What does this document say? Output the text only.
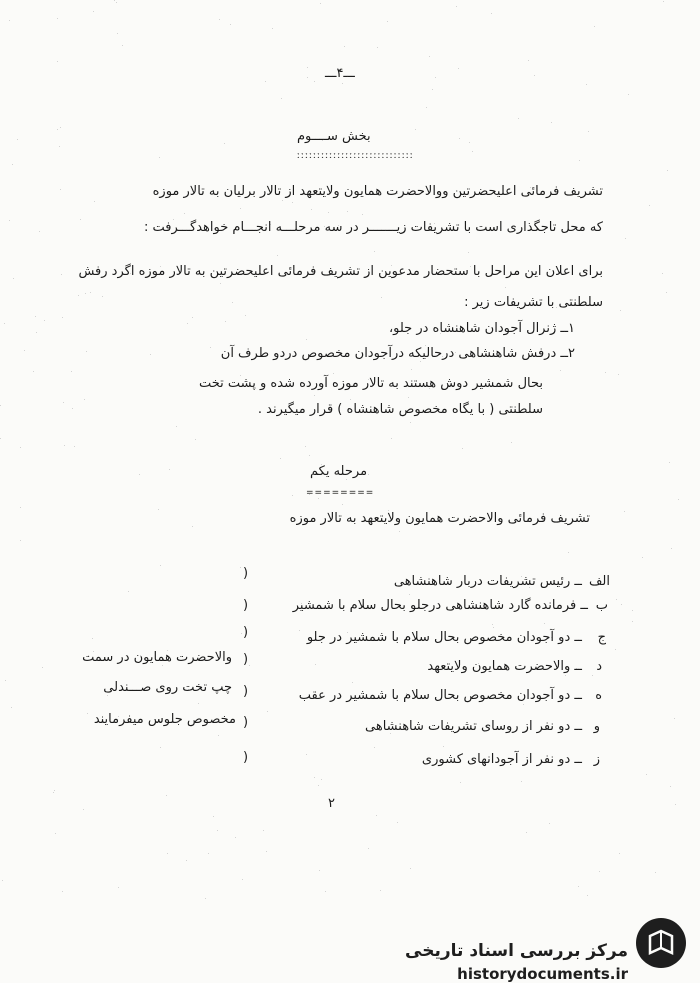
ـــ۴ـــ

بخش ســــوم

ːːːːːːːːːːːːːːːːːːːːːːːːːːːːː

تشریف فرمائی اعلیحضرتین ووالاحضرت همایون ولایتعهد از تالار برلیان به تالار موزه

که محل تاجگذاری است با تشریفات زیـــــــر در سه مرحلـــه انجـــام خواهدگـــرفت :

برای اعلان این مراحل با ستحضار مدعوین از تشریف فرمائی اعلیحضرتین به تالار موزه اگرد رفش

سلطنتی با تشریفات زیر :

۱ــ ژنرال آجودان شاهنشاه در جلو،

۲ــ درفش شاهنشاهی درحالیکه درآجودان مخصوص دردو طرف آن

بحال شمشیر دوش هستند به تالار موزه آورده شده و پشت تخت

سلطنتی ( با یگاه مخصوص شاهنشاه ) قرار میگیرند .

مرحله یکم

========

تشریف فرمائی والاحضرت همایون ولایتعهد به تالار موزه

الف

ب

ج

د

ه

و

ز

ــ رئیس تشریفات دربار شاهنشاهی

ــ فرمانده گارد شاهنشاهی درجلو بحال سلام با شمشیر

ــ دو آجودان مخصوص بحال سلام با شمشیر در جلو

ــ والاحضرت همایون ولایتعهد

ــ دو آجودان مخصوص بحال سلام با شمشیر در عقب

ــ دو نفر از روسای تشریفات شاهنشاهی

ــ دو نفر از آجودانهای کشوری

)

)

)

)

)

)

)

والاحضرت همایون در سمت

چپ تخت روی صـــندلی

مخصوص جلوس میفرمایند

۲

مرکز بررسی اسناد تاریخی

historydocuments.ir
